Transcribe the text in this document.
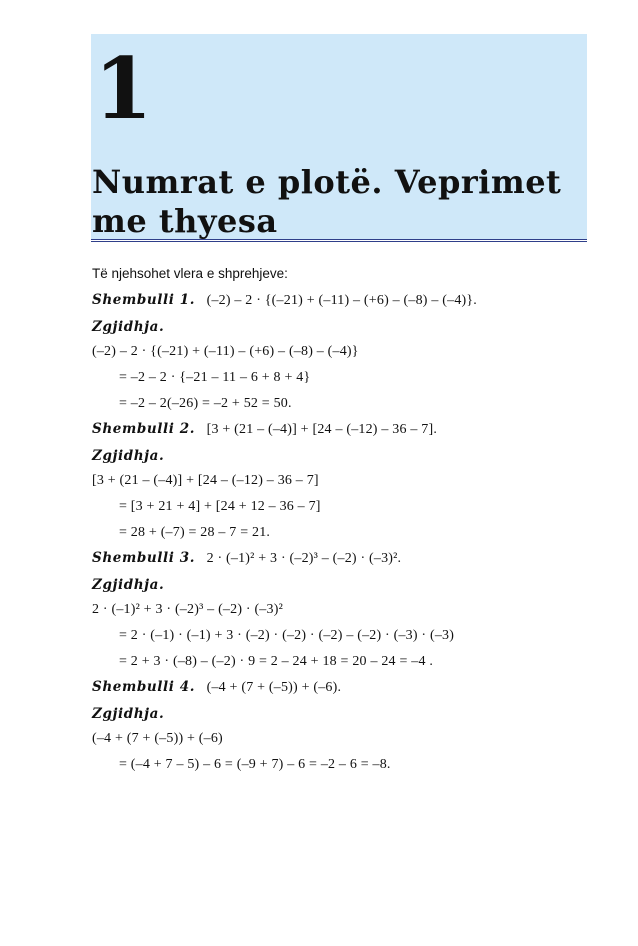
1
Numrat e plotë. Veprimet me thyesa
Të njehsohet vlera e shprehjeve:
Shembulli 1. (–2) – 2 · {(–21) + (–11) – (+6) – (–8) – (–4)}.
Zgjidhja.
(–2) – 2 · {(–21) + (–11) – (+6) – (–8) – (–4)}
= –2 – 2 · {–21 – 11 – 6 + 8 + 4}
= –2 – 2(–26) = –2 + 52 = 50.
Shembulli 2. [3 + (21 – (–4)] + [24 – (–12) – 36 – 7].
Zgjidhja.
[3 + (21 – (–4)] + [24 – (–12) – 36 – 7]
= [3 + 21 + 4] + [24 + 12 – 36 – 7]
= 28 + (–7) = 28 – 7 = 21.
Shembulli 3. 2 · (–1)² + 3 · (–2)³ – (–2) · (–3)².
Zgjidhja.
2 · (–1)² + 3 · (–2)³ – (–2) · (–3)²
= 2 · (–1) · (–1) + 3 · (–2) · (–2) · (–2) – (–2) · (–3) · (–3)
= 2 + 3 · (–8) – (–2) · 9 = 2 – 24 + 18 = 20 – 24 = –4 .
Shembulli 4. (–4 + (7 + (–5)) + (–6).
Zgjidhja.
(–4 + (7 + (–5)) + (–6)
= (–4 + 7 – 5) – 6 = (–9 + 7) – 6 = –2 – 6 = –8.
